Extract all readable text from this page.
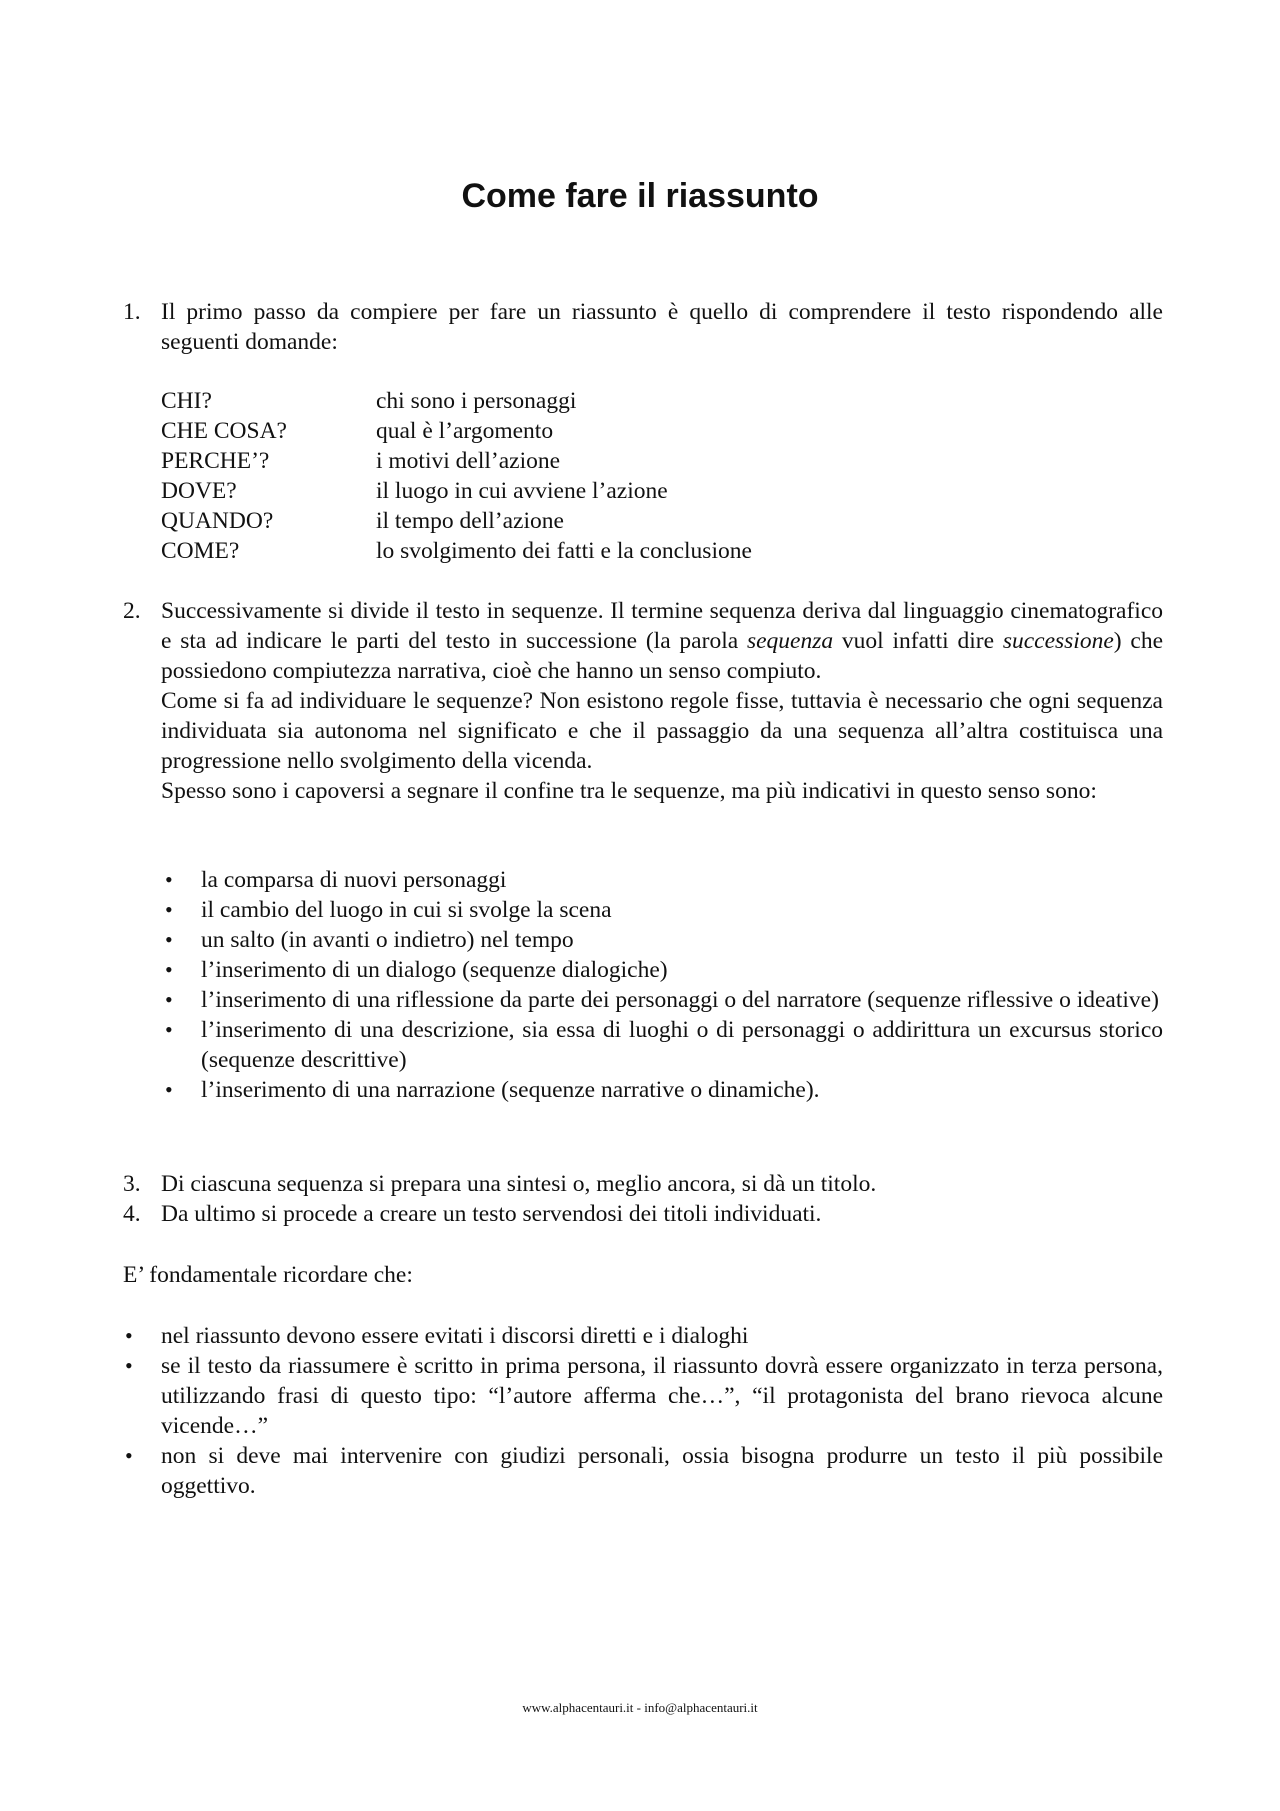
Come fare il riassunto
1. Il primo passo da compiere per fare un riassunto è quello di comprendere il testo rispondendo alle seguenti domande:
CHI?	chi sono i personaggi
CHE COSA?	qual è l’argomento
PERCHE’?	i motivi dell’azione
DOVE?	il luogo in cui avviene l’azione
QUANDO?	il tempo dell’azione
COME?	lo svolgimento dei fatti e la conclusione
2. Successivamente si divide il testo in sequenze. Il termine sequenza deriva dal linguaggio cinematografico e sta ad indicare le parti del testo in successione (la parola sequenza vuol infatti dire successione) che possiedono compiutezza narrativa, cioè che hanno un senso compiuto.
Come si fa ad individuare le sequenze? Non esistono regole fisse, tuttavia è necessario che ogni sequenza individuata sia autonoma nel significato e che il passaggio da una sequenza all’altra costituisca una progressione nello svolgimento della vicenda.
Spesso sono i capoversi a segnare il confine tra le sequenze, ma più indicativi in questo senso sono:
• la comparsa di nuovi personaggi
• il cambio del luogo in cui si svolge la scena
• un salto (in avanti o indietro) nel tempo
• l’inserimento di un dialogo (sequenze dialogiche)
• l’inserimento di una riflessione da parte dei personaggi o del narratore (sequenze riflessive o ideative)
• l’inserimento di una descrizione, sia essa di luoghi o di personaggi o addirittura un excursus storico (sequenze descrittive)
• l’inserimento di una narrazione (sequenze narrative o dinamiche).
3. Di ciascuna sequenza si prepara una sintesi o, meglio ancora, si dà un titolo.
4. Da ultimo si procede a creare un testo servendosi dei titoli individuati.
E’ fondamentale ricordare che:
• nel riassunto devono essere evitati i discorsi diretti e i dialoghi
• se il testo da riassumere è scritto in prima persona, il riassunto dovrà essere organizzato in terza persona, utilizzando frasi di questo tipo: “l’autore afferma che…”, “il protagonista del brano rievoca alcune vicende…”
• non si deve mai intervenire con giudizi personali, ossia bisogna produrre un testo il più possibile oggettivo.
www.alphacentauri.it - info@alphacentauri.it
